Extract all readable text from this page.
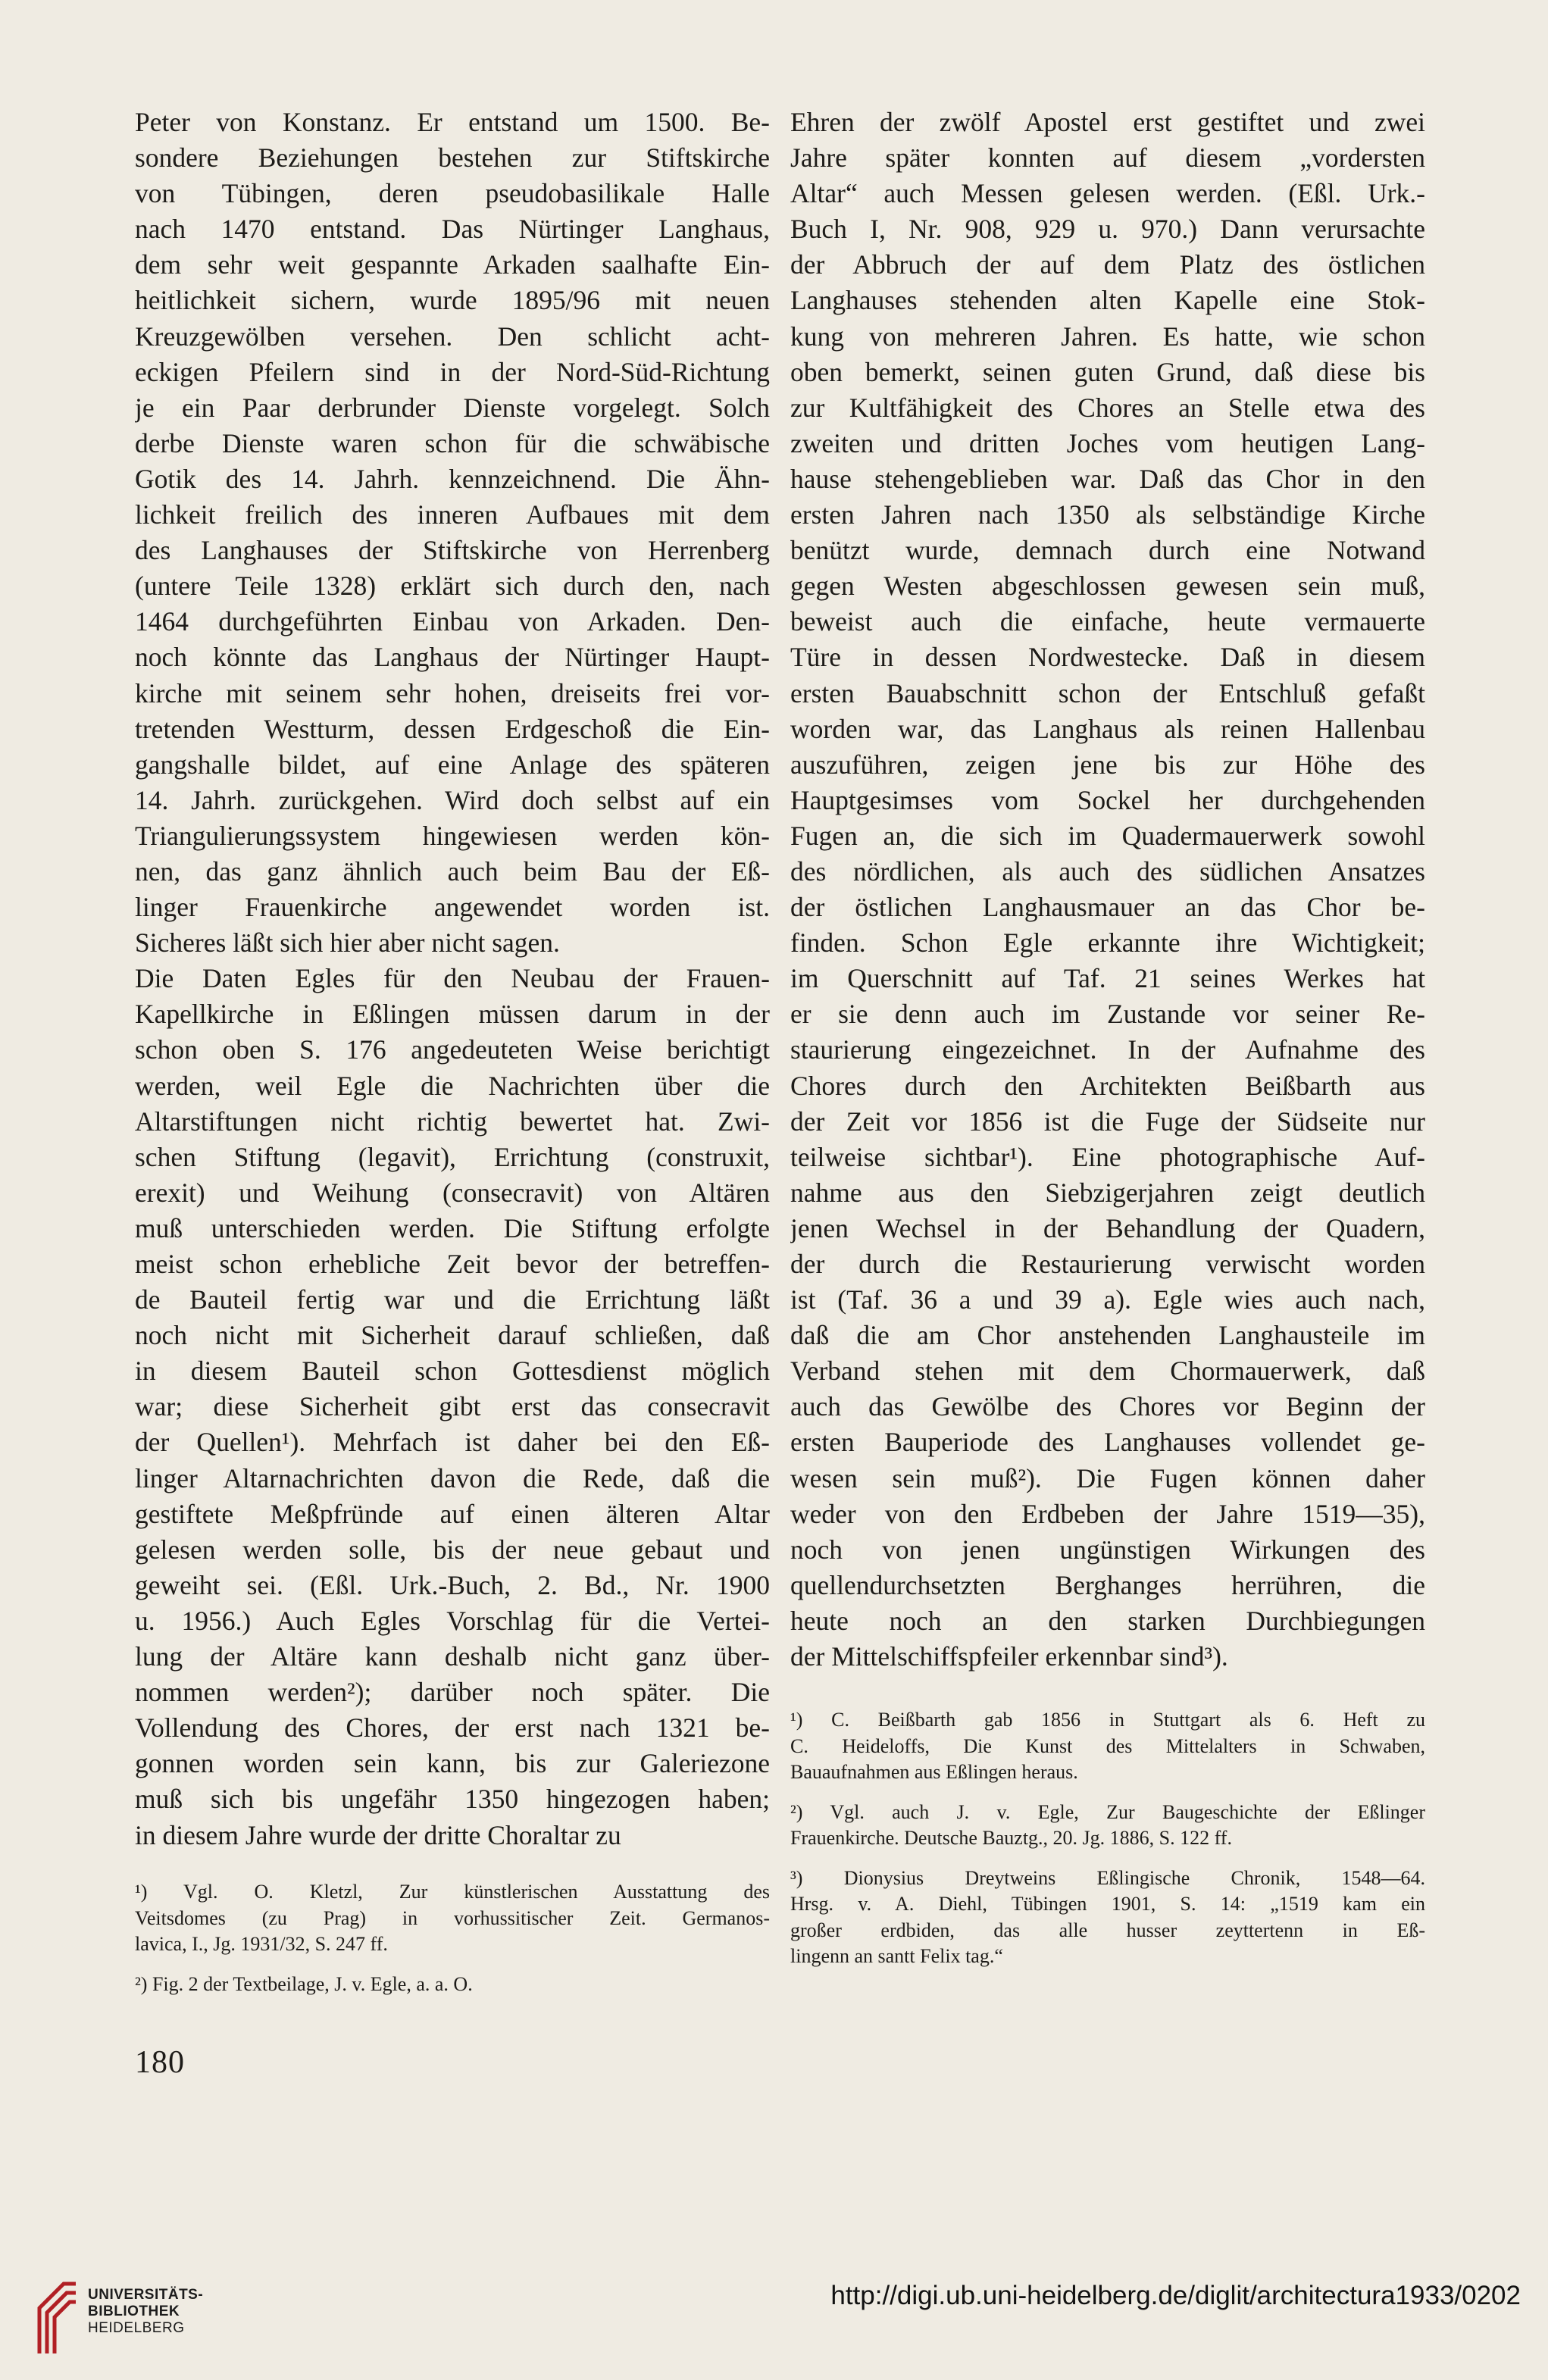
Peter von Konstanz. Er entstand um 1500. Be-
sondere Beziehungen bestehen zur Stiftskirche
von Tübingen, deren pseudobasilikale Halle
nach 1470 entstand. Das Nürtinger Langhaus,
dem sehr weit gespannte Arkaden saalhafte Ein-
heitlichkeit sichern, wurde 1895/96 mit neuen
Kreuzgewölben versehen. Den schlicht acht-
eckigen Pfeilern sind in der Nord-Süd-Richtung
je ein Paar derbrunder Dienste vorgelegt. Solch
derbe Dienste waren schon für die schwäbische
Gotik des 14. Jahrh. kennzeichnend. Die Ähn-
lichkeit freilich des inneren Aufbaues mit dem
des Langhauses der Stiftskirche von Herrenberg
(untere Teile 1328) erklärt sich durch den, nach
1464 durchgeführten Einbau von Arkaden. Den-
noch könnte das Langhaus der Nürtinger Haupt-
kirche mit seinem sehr hohen, dreiseits frei vor-
tretenden Westturm, dessen Erdgeschoß die Ein-
gangshalle bildet, auf eine Anlage des späteren
14. Jahrh. zurückgehen. Wird doch selbst auf ein
Triangulierungssystem hingewiesen werden kön-
nen, das ganz ähnlich auch beim Bau der Eß-
linger Frauenkirche angewendet worden ist.
Sicheres läßt sich hier aber nicht sagen.
Die Daten Egles für den Neubau der Frauen-
Kapellkirche in Eßlingen müssen darum in der
schon oben S. 176 angedeuteten Weise berichtigt
werden, weil Egle die Nachrichten über die
Altarstiftungen nicht richtig bewertet hat. Zwi-
schen Stiftung (legavit), Errichtung (construxit,
erexit) und Weihung (consecravit) von Altären
muß unterschieden werden. Die Stiftung erfolgte
meist schon erhebliche Zeit bevor der betreffen-
de Bauteil fertig war und die Errichtung läßt
noch nicht mit Sicherheit darauf schließen, daß
in diesem Bauteil schon Gottesdienst möglich
war; diese Sicherheit gibt erst das consecravit
der Quellen¹). Mehrfach ist daher bei den Eß-
linger Altarnachrichten davon die Rede, daß die
gestiftete Meßpfründe auf einen älteren Altar
gelesen werden solle, bis der neue gebaut und
geweiht sei. (Eßl. Urk.-Buch, 2. Bd., Nr. 1900
u. 1956.) Auch Egles Vorschlag für die Vertei-
lung der Altäre kann deshalb nicht ganz über-
nommen werden²); darüber noch später. Die
Vollendung des Chores, der erst nach 1321 be-
gonnen worden sein kann, bis zur Galeriezone
muß sich bis ungefähr 1350 hingezogen haben;
in diesem Jahre wurde der dritte Choraltar zu
¹) Vgl. O. Kletzl, Zur künstlerischen Ausstattung des
Veitsdomes (zu Prag) in vorhussitischer Zeit. Germanos-
lavica, I., Jg. 1931/32, S. 247 ff.
²) Fig. 2 der Textbeilage, J. v. Egle, a. a. O.
Ehren der zwölf Apostel erst gestiftet und zwei
Jahre später konnten auf diesem „vordersten
Altar“ auch Messen gelesen werden. (Eßl. Urk.-
Buch I, Nr. 908, 929 u. 970.) Dann verursachte
der Abbruch der auf dem Platz des östlichen
Langhauses stehenden alten Kapelle eine Stok-
kung von mehreren Jahren. Es hatte, wie schon
oben bemerkt, seinen guten Grund, daß diese bis
zur Kultfähigkeit des Chores an Stelle etwa des
zweiten und dritten Joches vom heutigen Lang-
hause stehengeblieben war. Daß das Chor in den
ersten Jahren nach 1350 als selbständige Kirche
benützt wurde, demnach durch eine Notwand
gegen Westen abgeschlossen gewesen sein muß,
beweist auch die einfache, heute vermauerte
Türe in dessen Nordwestecke. Daß in diesem
ersten Bauabschnitt schon der Entschluß gefaßt
worden war, das Langhaus als reinen Hallenbau
auszuführen, zeigen jene bis zur Höhe des
Hauptgesimses vom Sockel her durchgehenden
Fugen an, die sich im Quadermauerwerk sowohl
des nördlichen, als auch des südlichen Ansatzes
der östlichen Langhausmauer an das Chor be-
finden. Schon Egle erkannte ihre Wichtigkeit;
im Querschnitt auf Taf. 21 seines Werkes hat
er sie denn auch im Zustande vor seiner Re-
staurierung eingezeichnet. In der Aufnahme des
Chores durch den Architekten Beißbarth aus
der Zeit vor 1856 ist die Fuge der Südseite nur
teilweise sichtbar¹). Eine photographische Auf-
nahme aus den Siebzigerjahren zeigt deutlich
jenen Wechsel in der Behandlung der Quadern,
der durch die Restaurierung verwischt worden
ist (Taf. 36 a und 39 a). Egle wies auch nach,
daß die am Chor anstehenden Langhausteile im
Verband stehen mit dem Chormauerwerk, daß
auch das Gewölbe des Chores vor Beginn der
ersten Bauperiode des Langhauses vollendet ge-
wesen sein muß²). Die Fugen können daher
weder von den Erdbeben der Jahre 1519—35),
noch von jenen ungünstigen Wirkungen des
quellendurchsetzten Berghanges herrühren, die
heute noch an den starken Durchbiegungen
der Mittelschiffspfeiler erkennbar sind³).
¹) C. Beißbarth gab 1856 in Stuttgart als 6. Heft zu
C. Heideloffs, Die Kunst des Mittelalters in Schwaben,
Bauaufnahmen aus Eßlingen heraus.
²) Vgl. auch J. v. Egle, Zur Baugeschichte der Eßlinger
Frauenkirche. Deutsche Bauztg., 20. Jg. 1886, S. 122 ff.
³) Dionysius Dreytweins Eßlingische Chronik, 1548—64.
Hrsg. v. A. Diehl, Tübingen 1901, S. 14: „1519 kam ein
großer erdbiden, das alle husser zeyttertenn in Eß-
lingenn an santt Felix tag.“
180
UNIVERSITÄTS-
BIBLIOTHEK
HEIDELBERG
http://digi.ub.uni-heidelberg.de/diglit/architectura1933/0202
